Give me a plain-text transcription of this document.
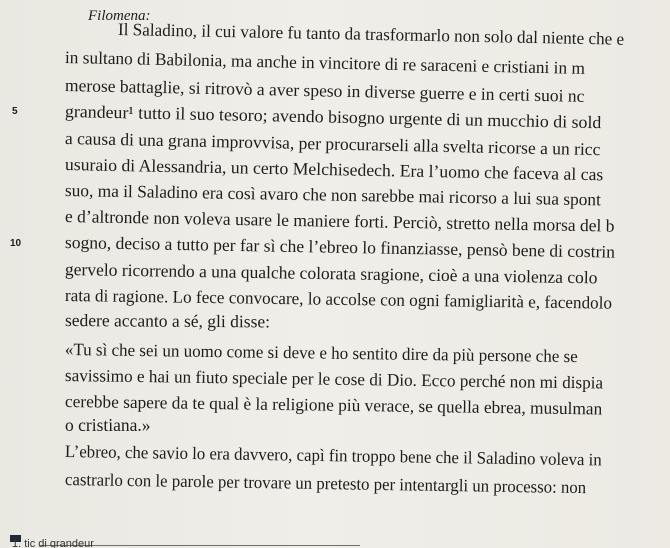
Filomena:
Il Saladino, il cui valore fu tanto da trasformarlo non solo dal niente che e
in sultano di Babilonia, ma anche in vincitore di re saraceni e cristiani in m
merose battaglie, si ritrovò a aver speso in diverse guerre e in certi suoi nc
5	grandeur¹ tutto il suo tesoro; avendo bisogno urgente di un mucchio di sold
a causa di una grana improvvisa, per procurarseli alla svelta ricorse a un ricc
usuraio di Alessandria, un certo Melchisedech. Era l’uomo che faceva al cas
suo, ma il Saladino era così avaro che non sarebbe mai ricorso a lui sua spont
e d’altronde non voleva usare le maniere forti. Perciò, stretto nella morsa del b
10 sogno, deciso a tutto per far sì che l’ebreo lo finanziasse, pensò bene di costrin
gervelo ricorrendo a una qualche colorata sragione, cioè a una violenza colo
rata di ragione. Lo fece convocare, lo accolse con ogni famigliarità e, facendolo
sedere accanto a sé, gli disse:
«Tu sì che sei un uomo come si deve e ho sentito dire da più persone che se
savissimo e hai un fiuto speciale per le cose di Dio. Ecco perché non mi dispia
cerebbe sapere da te qual è la religione più verace, se quella ebrea, musulman
o cristiana.»
L’ebreo, che savio lo era davvero, capì fin troppo bene che il Saladino voleva in
castrarlo con le parole per trovare un pretesto per intentargli un processo: non
1. tic di grandeur
